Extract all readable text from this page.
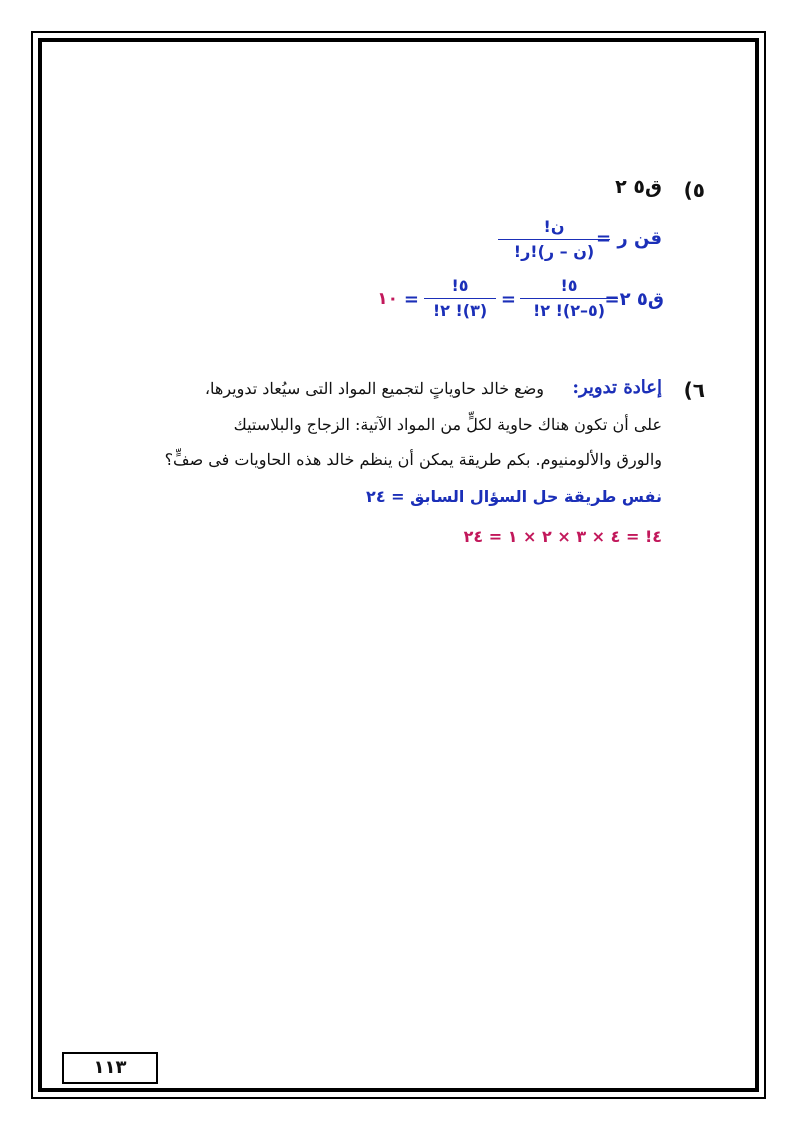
٥)
ق٥ ٢
قن ر =
ن!
(ن – ر)!ر!
ق٥ ٢=
٥!
(٥–٢)! ٢!
=
٥!
(٣)! ٢!
=
١٠
٦)
إعادة تدوير:
وضع خالد حاوياتٍ لتجميع المواد التى سيُعاد تدويرها،
على أن تكون هناك حاوية لكلٍّ من المواد الآتية: الزجاج والبلاستيك
والورق والألومنيوم. بكم طريقة يمكن أن ينظم خالد هذه الحاويات فى صفٍّ؟
نفس طريقة حل السؤال السابق = ٢٤
٤! = ٤ × ٣ × ٢ × ١ = ٢٤
١١٣
